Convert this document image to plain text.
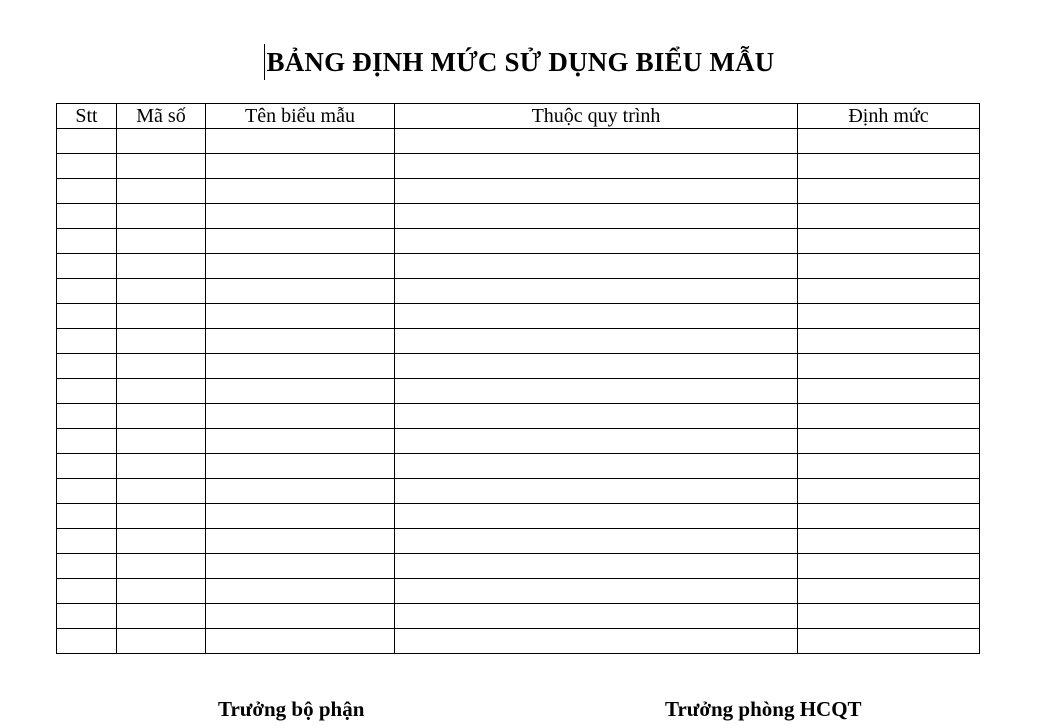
BẢNG ĐỊNH MỨC SỬ DỤNG BIỂU MẪU
Stt	Mã số	Tên biểu mẫu	Thuộc quy trình	Định mức

Trưởng bộ phận	Trưởng phòng HCQT
